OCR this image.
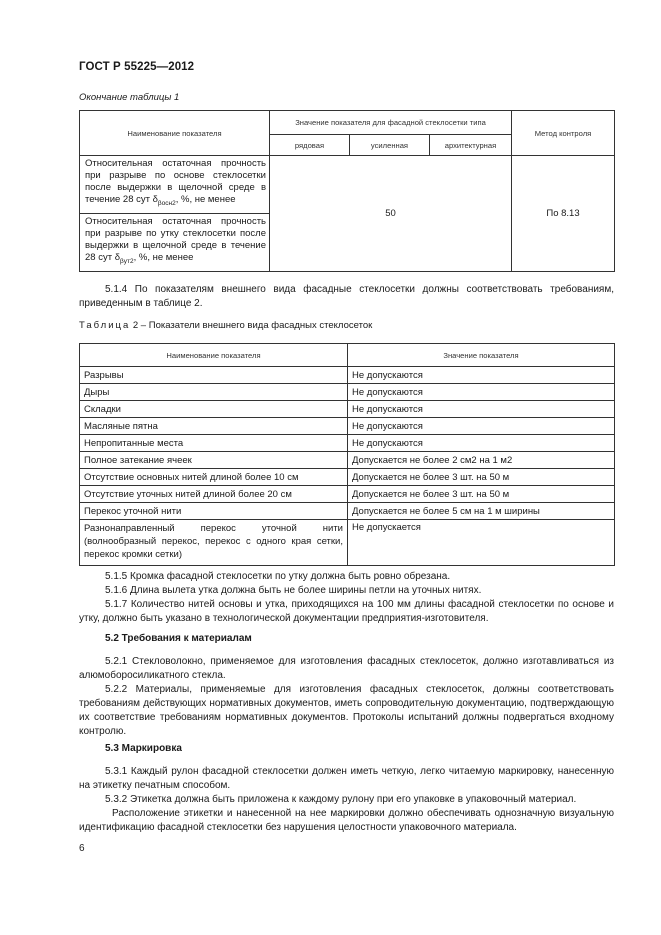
ГОСТ Р 55225—2012
Окончание таблицы 1
Наименование показателя	Значение показателя для фасадной стеклосетки типа			Метод контроля
	рядовая	усиленная	архитектурная	
Относительная остаточная прочность при разрыве по основе стеклосетки после выдержки в щелочной среде в течение 28 сут $\delta_{\beta осн2}$, %, не менее	50			По 8.13
Относительная остаточная прочность при разрыве по утку стеклосетки после выдержки в щелочной среде в течение 28 сут $\delta_{\beta ут2}$, %, не менее				
5.1.4 По показателям внешнего вида фасадные стеклосетки должны соответствовать требованиям, приведенным в таблице 2.
Таблица 2 – Показатели внешнего вида фасадных стеклосеток
Наименование показателя	Значение показателя
Разрывы	Не допускаются
Дыры	Не допускаются
Складки	Не допускаются
Масляные пятна	Не допускаются
Непропитанные места	Не допускаются
Полное затекание ячеек	Допускается не более 2 см2 на 1 м2
Отсутствие основных нитей длиной более 10 см	Допускается не более 3 шт. на 50 м
Отсутствие уточных нитей длиной более 20 см	Допускается не более 3 шт. на 50 м
Перекос уточной нити	Допускается не более 5 см на 1 м ширины
Разнонаправленный перекос уточной нити (волнообразный перекос, перекос с одного края сетки, перекос кромки сетки)	Не допускается
5.1.5 Кромка фасадной стеклосетки по утку должна быть ровно обрезана.
5.1.6 Длина вылета утка должна быть не более ширины петли на уточных нитях.
5.1.7 Количество нитей основы и утка, приходящихся на 100 мм длины фасадной стеклосетки по основе и утку, должно быть указано в технологической документации предприятия-изготовителя.
5.2 Требования к материалам
5.2.1 Стекловолокно, применяемое для изготовления фасадных стеклосеток, должно изготавливаться из алюмоборосиликатного стекла.
5.2.2 Материалы, применяемые для изготовления фасадных стеклосеток, должны соответствовать требованиям действующих нормативных документов, иметь сопроводительную документацию, подтверждающую их соответствие требованиям нормативных документов. Протоколы испытаний должны подвергаться входному контролю.
5.3 Маркировка
5.3.1 Каждый рулон фасадной стеклосетки должен иметь четкую, легко читаемую маркировку, нанесенную на этикетку печатным способом.
5.3.2 Этикетка должна быть приложена к каждому рулону при его упаковке в упаковочный материал.
Расположение этикетки и нанесенной на нее маркировки должно обеспечивать однозначную визуальную идентификацию фасадной стеклосетки без нарушения целостности упаковочного материала.
6
